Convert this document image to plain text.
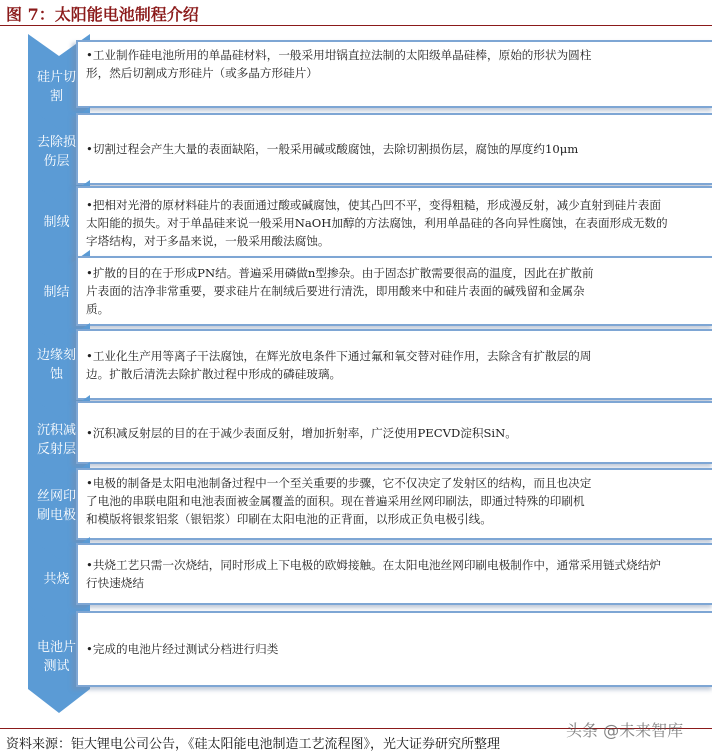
图 7：太阳能电池制程介绍
•工业制作硅电池所用的单晶硅材料，一般采用坩锅直拉法制的太阳级单晶硅棒，原始的形状为圆柱
形，然后切割成方形硅片（或多晶方形硅片）
硅片切割
•切割过程会产生大量的表面缺陷，一般采用碱或酸腐蚀，去除切割损伤层，腐蚀的厚度约10μm
去除损伤层
•把相对光滑的原材料硅片的表面通过酸或碱腐蚀，使其凸凹不平，变得粗糙，形成漫反射，减少直射到硅片表面
太阳能的损失。对于单晶硅来说一般采用NaOH加醇的方法腐蚀，利用单晶硅的各向异性腐蚀，在表面形成无数的
字塔结构，对于多晶来说，一般采用酸法腐蚀。
制绒
•扩散的目的在于形成PN结。普遍采用磷做n型掺杂。由于固态扩散需要很高的温度，因此在扩散前
片表面的洁净非常重要，要求硅片在制绒后要进行清洗，即用酸来中和硅片表面的碱残留和金属杂
质。
制结
•工业化生产用等离子干法腐蚀，在辉光放电条件下通过氟和氧交替对硅作用，去除含有扩散层的周
边。扩散后清洗去除扩散过程中形成的磷硅玻璃。
边缘刻蚀
•沉积减反射层的目的在于减少表面反射，增加折射率，广泛使用PECVD淀积SiN。
沉积减反射层
•电极的制备是太阳电池制备过程中一个至关重要的步骤，它不仅决定了发射区的结构，而且也决定
了电池的串联电阻和电池表面被金属覆盖的面积。现在普遍采用丝网印刷法，即通过特殊的印刷机
和模版将银浆铝浆（银铝浆）印刷在太阳电池的正背面，以形成正负电极引线。
丝网印刷电极
•共烧工艺只需一次烧结，同时形成上下电极的欧姆接触。在太阳电池丝网印刷电极制作中，通常采用链式烧结炉
行快速烧结
共烧
•完成的电池片经过测试分档进行归类
电池片测试
资料来源：钜大锂电公司公告，《硅太阳能电池制造工艺流程图》，光大证券研究所整理
头条 @未来智库
